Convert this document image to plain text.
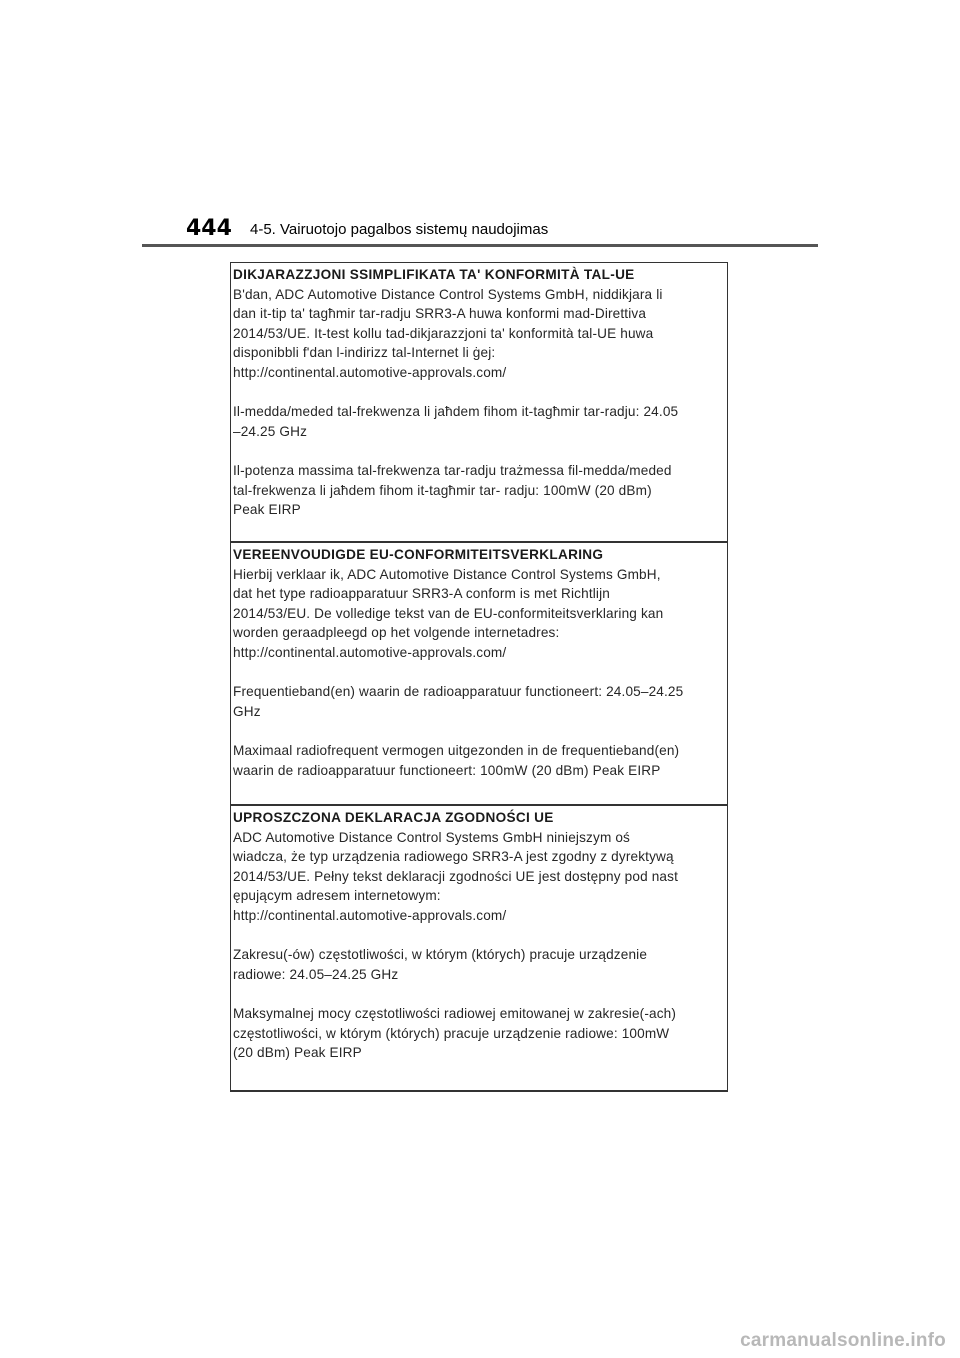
444 4-5. Vairuotojo pagalbos sistemų naudojimas

DIKJARAZZJONI SSIMPLIFIKATA TA' KONFORMITÀ TAL-UE

B'dan, ADC Automotive Distance Control Systems GmbH, niddikjara li

dan it-tip ta' tagħmir tar-radju SRR3-A huwa konformi mad-Direttiva

2014/53/UE. It-test kollu tad-dikjarazzjoni ta' konformità tal-UE huwa

disponibbli f'dan l-indirizz tal-Internet li ġej:

http://continental.automotive-approvals.com/

Il-medda/meded tal-frekwenza li jaħdem fihom it-tagħmir tar-radju: 24.05

–24.25 GHz

Il-potenza massima tal-frekwenza tar-radju trażmessa fil-medda/meded

tal-frekwenza li jaħdem fihom it-tagħmir tar- radju: 100mW (20 dBm)

Peak EIRP

VEREENVOUDIGDE EU-CONFORMITEITSVERKLARING

Hierbij verklaar ik, ADC Automotive Distance Control Systems GmbH,

dat het type radioapparatuur SRR3-A conform is met Richtlijn

2014/53/EU. De volledige tekst van de EU-conformiteitsverklaring kan

worden geraadpleegd op het volgende internetadres:

http://continental.automotive-approvals.com/

Frequentieband(en) waarin de radioapparatuur functioneert: 24.05–24.25

GHz

Maximaal radiofrequent vermogen uitgezonden in de frequentieband(en)

waarin de radioapparatuur functioneert: 100mW (20 dBm) Peak EIRP

UPROSZCZONA DEKLARACJA ZGODNOŚCI UE

ADC Automotive Distance Control Systems GmbH niniejszym oś

wiadcza, że typ urządzenia radiowego SRR3-A jest zgodny z dyrektywą

2014/53/UE. Pełny tekst deklaracji zgodności UE jest dostępny pod nast

ępującym adresem internetowym:

http://continental.automotive-approvals.com/

Zakresu(-ów) częstotliwości, w którym (których) pracuje urządzenie

radiowe: 24.05–24.25 GHz

Maksymalnej mocy częstotliwości radiowej emitowanej w zakresie(-ach)

częstotliwości, w którym (których) pracuje urządzenie radiowe: 100mW

(20 dBm) Peak EIRP

carmanualsonline.info
